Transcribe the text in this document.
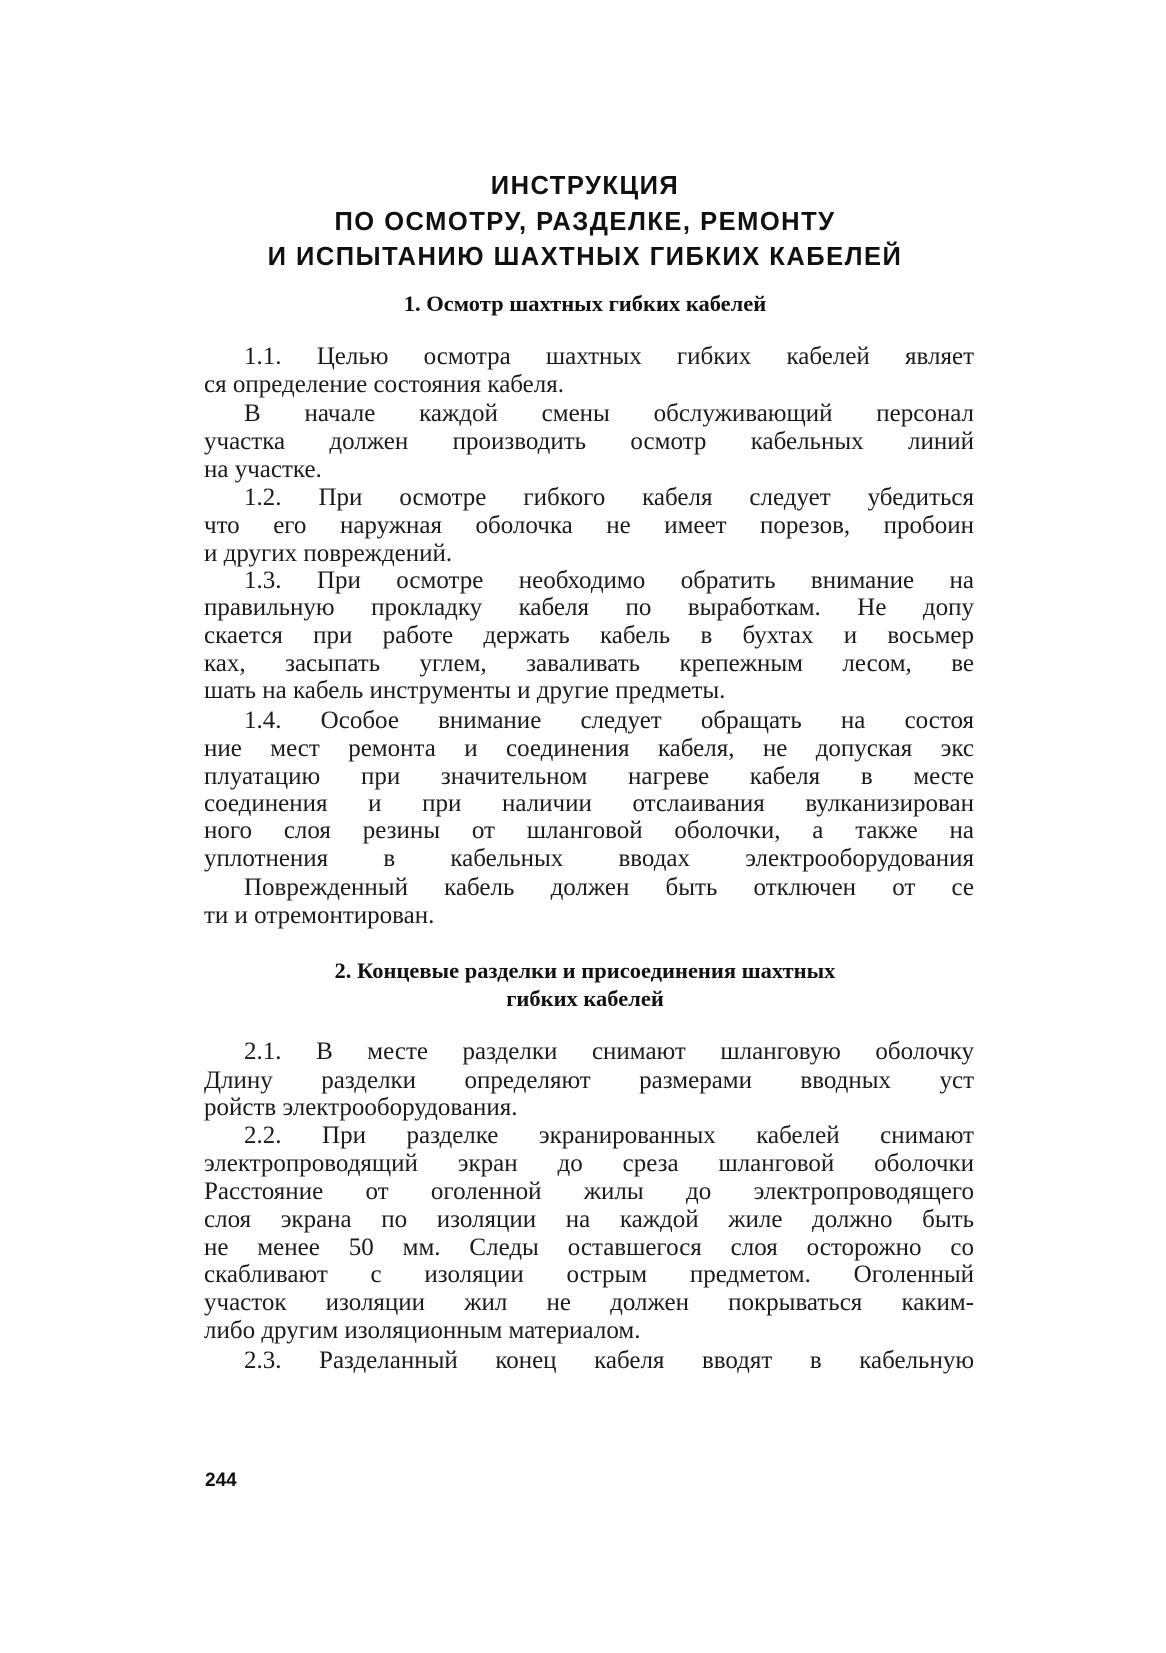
ИНСТРУКЦИЯ
ПО ОСМОТРУ, РАЗДЕЛКЕ, РЕМОНТУ
И ИСПЫТАНИЮ ШАХТНЫХ ГИБКИХ КАБЕЛЕЙ
1. Осмотр шахтных гибких кабелей
1.1. Целью осмотра шахтных гибких кабелей являет
ся определение состояния кабеля.
В начале каждой смены обслуживающий персонал
участка должен производить осмотр кабельных линий
на участке.
1.2. При осмотре гибкого кабеля следует убедиться
что его наружная оболочка не имеет порезов, пробоин
и других повреждений.
1.3. При осмотре необходимо обратить внимание на
правильную прокладку кабеля по выработкам. Не допу
скается при работе держать кабель в бухтах и восьмер
ках, засыпать углем, заваливать крепежным лесом, ве
шать на кабель инструменты и другие предметы.
1.4. Особое внимание следует обращать на состоя
ние мест ремонта и соединения кабеля, не допуская экс
плуатацию при значительном нагреве кабеля в месте
соединения и при наличии отслаивания вулканизирован
ного слоя резины от шланговой оболочки, а также на
уплотнения в кабельных вводах электрооборудования
Поврежденный кабель должен быть отключен от се
ти и отремонтирован.
2. Концевые разделки и присоединения шахтных
гибких кабелей
2.1. В месте разделки снимают шланговую оболочку
Длину разделки определяют размерами вводных уст
ройств электрооборудования.
2.2. При разделке экранированных кабелей снимают
электропроводящий экран до среза шланговой оболочки
Расстояние от оголенной жилы до электропроводящего
слоя экрана по изоляции на каждой жиле должно быть
не менее 50 мм. Следы оставшегося слоя осторожно со
скабливают с изоляции острым предметом. Оголенный
участок изоляции жил не должен покрываться каким-
либо другим изоляционным материалом.
2.3. Разделанный конец кабеля вводят в кабельную
244
